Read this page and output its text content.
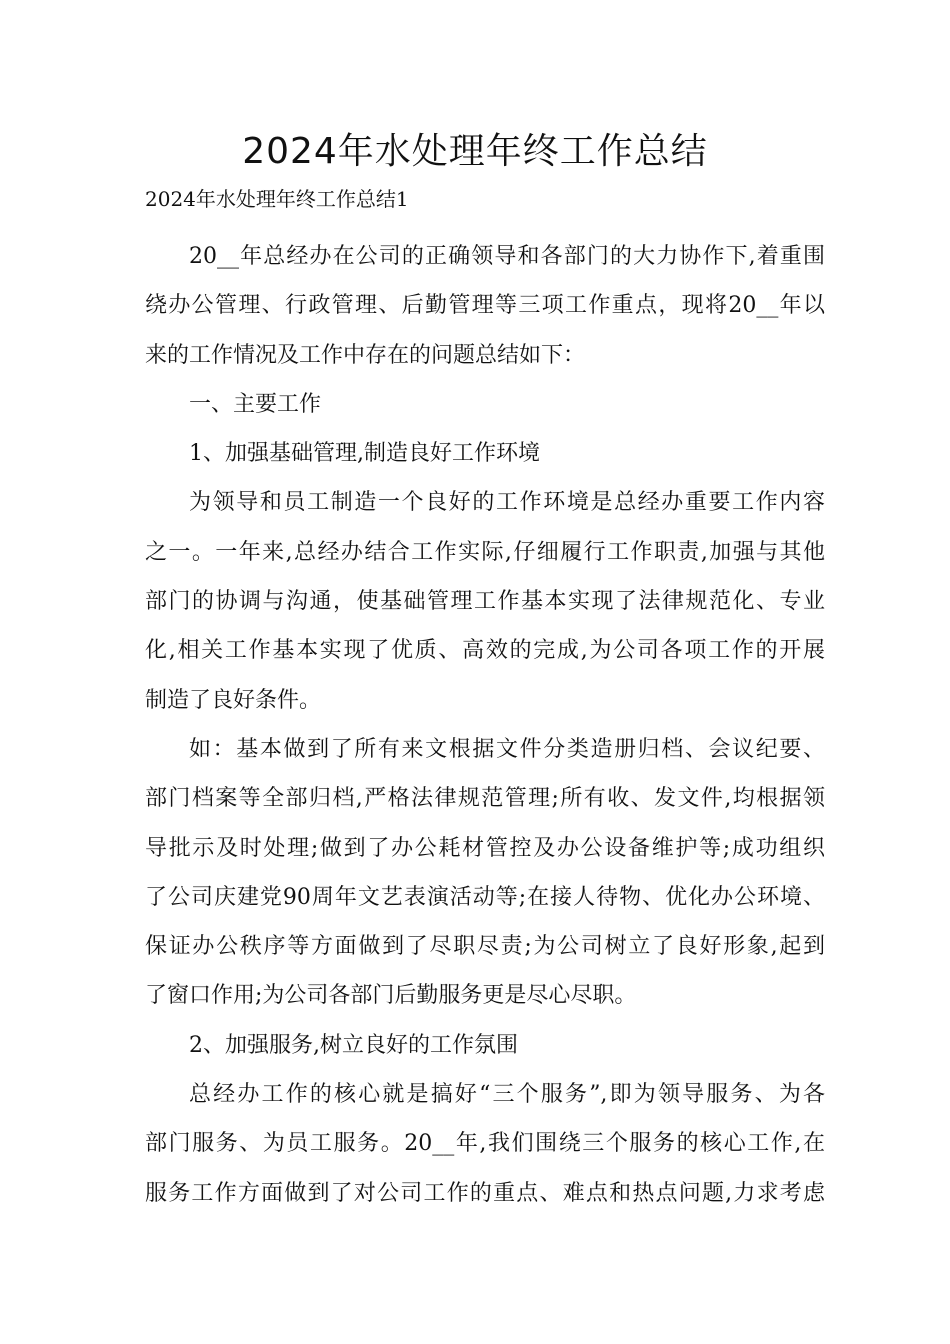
2024年水处理年终工作总结
2024年水处理年终工作总结1
20__年总经办在公司的正确领导和各部门的大力协作下,着重围
绕办公管理、行政管理、后勤管理等三项工作重点，现将20__年以
来的工作情况及工作中存在的问题总结如下：
一、主要工作
1、加强基础管理,制造良好工作环境
为领导和员工制造一个良好的工作环境是总经办重要工作内容
之一。一年来,总经办结合工作实际,仔细履行工作职责,加强与其他
部门的协调与沟通，使基础管理工作基本实现了法律规范化、专业
化,相关工作基本实现了优质、高效的完成,为公司各项工作的开展
制造了良好条件。
如：基本做到了所有来文根据文件分类造册归档、会议纪要、
部门档案等全部归档,严格法律规范管理;所有收、发文件,均根据领
导批示及时处理;做到了办公耗材管控及办公设备维护等;成功组织
了公司庆建党90周年文艺表演活动等;在接人待物、优化办公环境、
保证办公秩序等方面做到了尽职尽责;为公司树立了良好形象,起到
了窗口作用;为公司各部门后勤服务更是尽心尽职。
2、加强服务,树立良好的工作氛围
总经办工作的核心就是搞好“三个服务”,即为领导服务、为各
部门服务、为员工服务。20__年,我们围绕三个服务的核心工作,在
服务工作方面做到了对公司工作的重点、难点和热点问题,力求考虑
